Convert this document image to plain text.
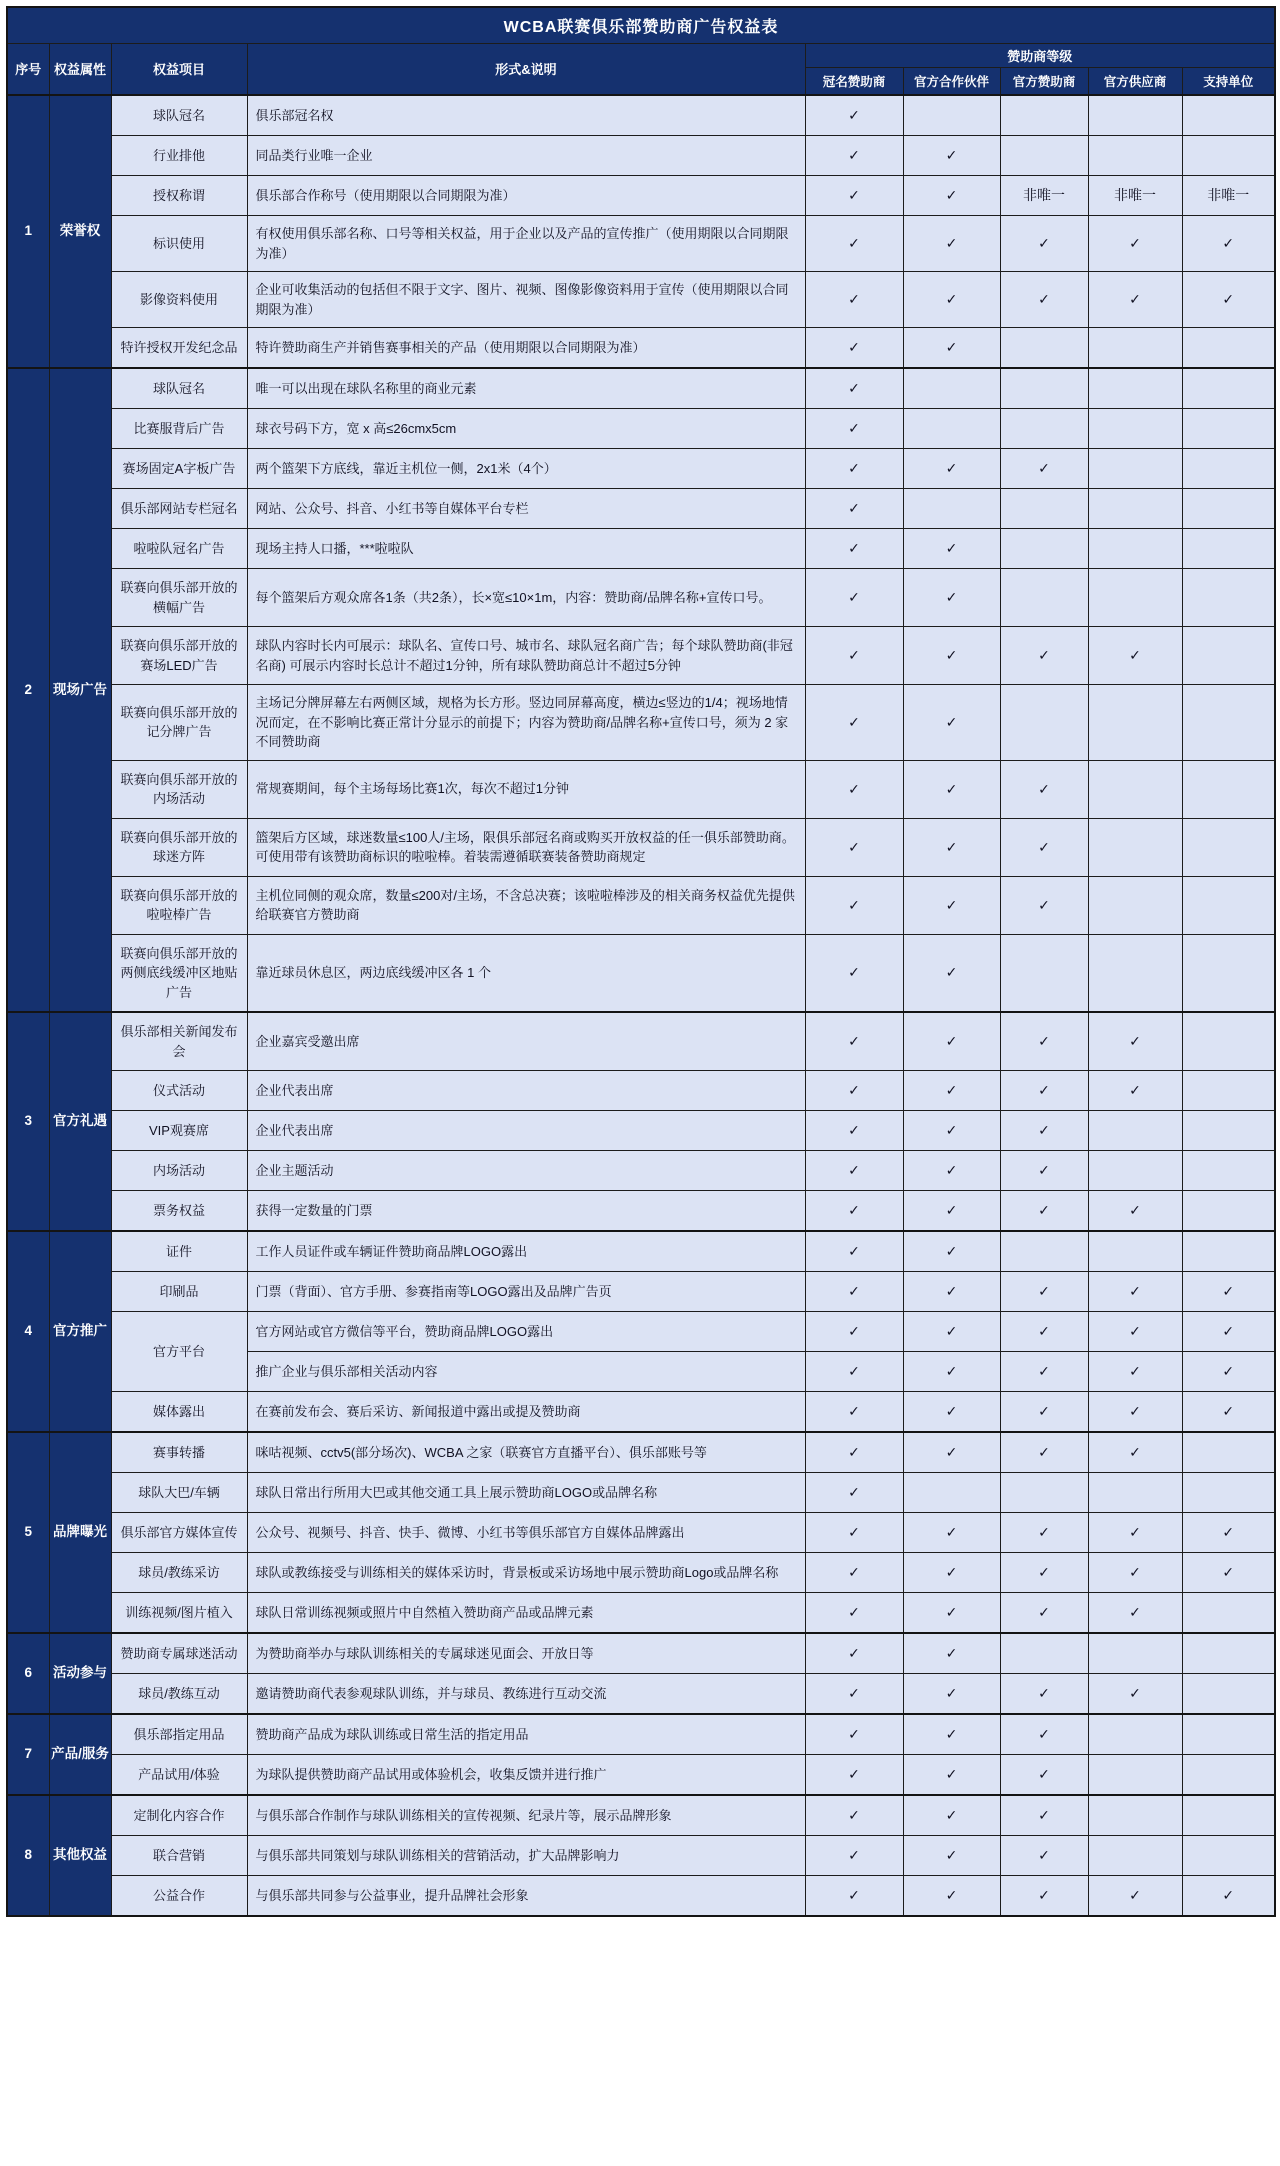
WCBA联赛俱乐部赞助商广告权益表								
序号	权益属性	权益项目	形式&说明	赞助商等级				
				冠名赞助商	官方合作伙伴	官方赞助商	官方供应商	支持单位
1	荣誉权	球队冠名	俱乐部冠名权	✓				
		行业排他	同品类行业唯一企业	✓	✓			
		授权称谓	俱乐部合作称号（使用期限以合同期限为准）	✓	✓	非唯一	非唯一	非唯一
		标识使用	有权使用俱乐部名称、口号等相关权益，用于企业以及产品的宣传推广（使用期限以合同期限为准）	✓	✓	✓	✓	✓
		影像资料使用	企业可收集活动的包括但不限于文字、图片、视频、图像影像资料用于宣传（使用期限以合同期限为准）	✓	✓	✓	✓	✓
		特许授权开发纪念品	特许赞助商生产并销售赛事相关的产品（使用期限以合同期限为准）	✓	✓			
2	现场广告	球队冠名	唯一可以出现在球队名称里的商业元素	✓				
		比赛服背后广告	球衣号码下方，宽 x 高≤26cmx5cm	✓				
		赛场固定A字板广告	两个篮架下方底线，靠近主机位一侧，2x1米（4个）	✓	✓	✓		
		俱乐部网站专栏冠名	网站、公众号、抖音、小红书等自媒体平台专栏	✓				
		啦啦队冠名广告	现场主持人口播，***啦啦队	✓	✓			
		联赛向俱乐部开放的横幅广告	每个篮架后方观众席各1条（共2条），长×宽≤10×1m，内容：赞助商/品牌名称+宣传口号。	✓	✓			
		联赛向俱乐部开放的赛场LED广告	球队内容时长内可展示：球队名、宣传口号、城市名、球队冠名商广告；每个球队赞助商(非冠名商) 可展示内容时长总计不超过1分钟，所有球队赞助商总计不超过5分钟	✓	✓	✓	✓	
		联赛向俱乐部开放的记分牌广告	主场记分牌屏幕左右两侧区域，规格为长方形。竖边同屏幕高度，横边≤竖边的1/4；视场地情况而定，在不影响比赛正常计分显示的前提下；内容为赞助商/品牌名称+宣传口号，须为 2 家不同赞助商	✓	✓			
		联赛向俱乐部开放的内场活动	常规赛期间，每个主场每场比赛1次，每次不超过1分钟	✓	✓	✓		
		联赛向俱乐部开放的球迷方阵	篮架后方区域，球迷数量≤100人/主场，限俱乐部冠名商或购买开放权益的任一俱乐部赞助商。可使用带有该赞助商标识的啦啦棒。着装需遵循联赛装备赞助商规定	✓	✓	✓		
		联赛向俱乐部开放的啦啦棒广告	主机位同侧的观众席，数量≤200对/主场，不含总决赛；该啦啦棒涉及的相关商务权益优先提供给联赛官方赞助商	✓	✓	✓		
		联赛向俱乐部开放的两侧底线缓冲区地贴广告	靠近球员休息区，两边底线缓冲区各 1 个	✓	✓			
3	官方礼遇	俱乐部相关新闻发布会	企业嘉宾受邀出席	✓	✓	✓	✓	
		仪式活动	企业代表出席	✓	✓	✓	✓	
		VIP观赛席	企业代表出席	✓	✓	✓		
		内场活动	企业主题活动	✓	✓	✓		
		票务权益	获得一定数量的门票	✓	✓	✓	✓	
4	官方推广	证件	工作人员证件或车辆证件赞助商品牌LOGO露出	✓	✓			
		印刷品	门票（背面）、官方手册、参赛指南等LOGO露出及品牌广告页	✓	✓	✓	✓	✓
		官方平台	官方网站或官方微信等平台，赞助商品牌LOGO露出	✓	✓	✓	✓	✓
			推广企业与俱乐部相关活动内容	✓	✓	✓	✓	✓
		媒体露出	在赛前发布会、赛后采访、新闻报道中露出或提及赞助商	✓	✓	✓	✓	✓
5	品牌曝光	赛事转播	咪咕视频、cctv5(部分场次)、WCBA 之家（联赛官方直播平台）、俱乐部账号等	✓	✓	✓	✓	
		球队大巴/车辆	球队日常出行所用大巴或其他交通工具上展示赞助商LOGO或品牌名称	✓				
		俱乐部官方媒体宣传	公众号、视频号、抖音、快手、微博、小红书等俱乐部官方自媒体品牌露出	✓	✓	✓	✓	✓
		球员/教练采访	球队或教练接受与训练相关的媒体采访时，背景板或采访场地中展示赞助商Logo或品牌名称	✓	✓	✓	✓	✓
		训练视频/图片植入	球队日常训练视频或照片中自然植入赞助商产品或品牌元素	✓	✓	✓	✓	
6	活动参与	赞助商专属球迷活动	为赞助商举办与球队训练相关的专属球迷见面会、开放日等	✓	✓			
		球员/教练互动	邀请赞助商代表参观球队训练，并与球员、教练进行互动交流	✓	✓	✓	✓	
7	产品/服务	俱乐部指定用品	赞助商产品成为球队训练或日常生活的指定用品	✓	✓	✓		
		产品试用/体验	为球队提供赞助商产品试用或体验机会，收集反馈并进行推广	✓	✓	✓		
8	其他权益	定制化内容合作	与俱乐部合作制作与球队训练相关的宣传视频、纪录片等，展示品牌形象	✓	✓	✓		
		联合营销	与俱乐部共同策划与球队训练相关的营销活动，扩大品牌影响力	✓	✓	✓		
		公益合作	与俱乐部共同参与公益事业，提升品牌社会形象	✓	✓	✓	✓	✓
